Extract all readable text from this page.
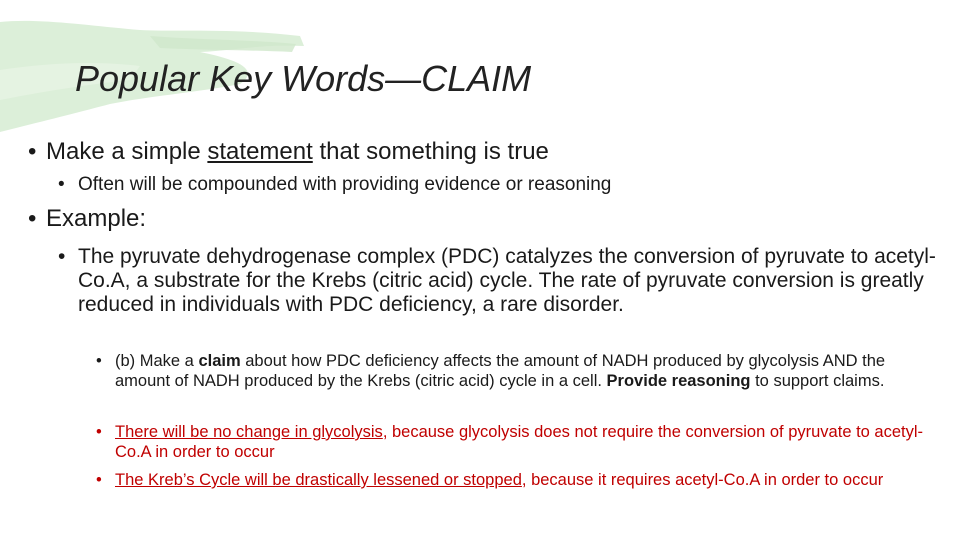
Popular Key Words—CLAIM
• Make a simple statement that something is true
• Often will be compounded with providing evidence or reasoning
• Example:
• The pyruvate dehydrogenase complex (PDC) catalyzes the conversion of pyruvate to acetyl-Co.A, a substrate for the Krebs (citric acid) cycle. The rate of pyruvate conversion is greatly reduced in individuals with PDC deficiency, a rare disorder.
• (b) Make a claim about how PDC deficiency affects the amount of NADH produced by glycolysis AND the amount of NADH produced by the Krebs (citric acid) cycle in a cell. Provide reasoning to support claims.
• There will be no change in glycolysis, because glycolysis does not require the conversion of pyruvate to acetyl-Co.A in order to occur
• The Kreb’s Cycle will be drastically lessened or stopped, because it requires acetyl-Co.A in order to occur
